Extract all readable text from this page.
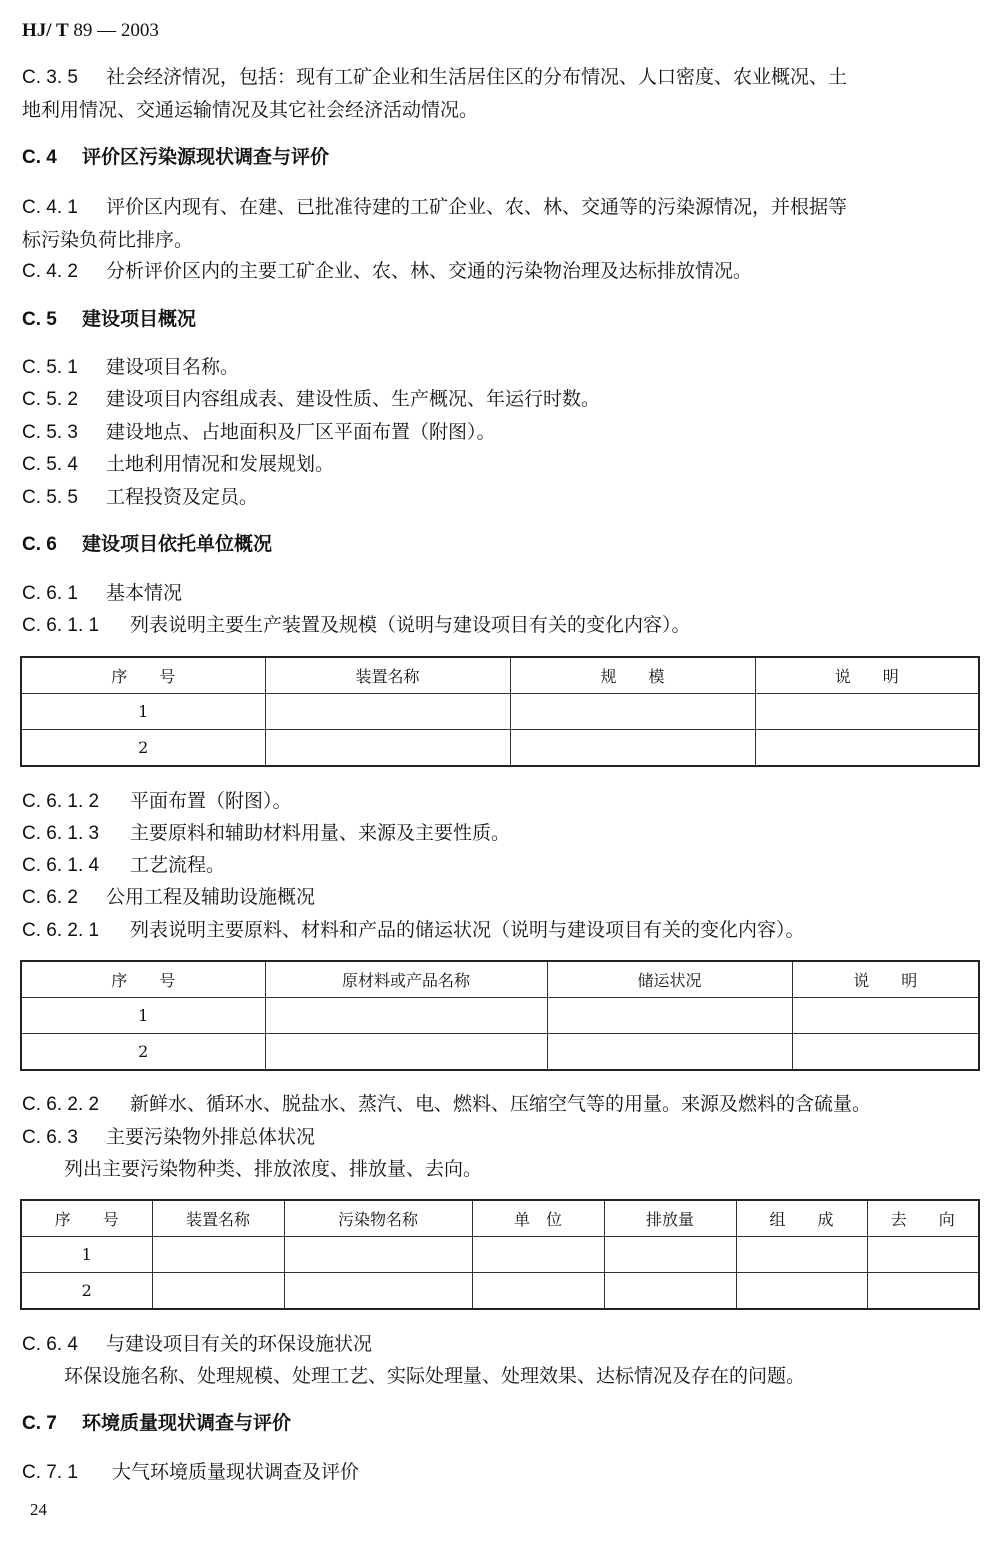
HJ/ T 89 — 2003
C. 3. 5 社会经济情况，包括：现有工矿企业和生活居住区的分布情况、人口密度、农业概况、土
地利用情况、交通运输情况及其它社会经济活动情况。
C. 4 评价区污染源现状调查与评价
C. 4. 1 评价区内现有、在建、已批准待建的工矿企业、农、林、交通等的污染源情况，并根据等
标污染负荷比排序。
C. 4. 2 分析评价区内的主要工矿企业、农、林、交通的污染物治理及达标排放情况。
C. 5 建设项目概况
C. 5. 1 建设项目名称。
C. 5. 2 建设项目内容组成表、建设性质、生产概况、年运行时数。
C. 5. 3 建设地点、占地面积及厂区平面布置（附图）。
C. 5. 4 土地利用情况和发展规划。
C. 5. 5 工程投资及定员。
C. 6 建设项目依托单位概况
C. 6. 1 基本情况
C. 6. 1. 1 列表说明主要生产装置及规模（说明与建设项目有关的变化内容）。
序　　号	装置名称	规　　模	说　　明
1			
2			
C. 6. 1. 2 平面布置（附图）。
C. 6. 1. 3 主要原料和辅助材料用量、来源及主要性质。
C. 6. 1. 4 工艺流程。
C. 6. 2 公用工程及辅助设施概况
C. 6. 2. 1 列表说明主要原料、材料和产品的储运状况（说明与建设项目有关的变化内容）。
序　　号	原材料或产品名称	储运状况	说　　明
1			
2			
C. 6. 2. 2 新鲜水、循环水、脱盐水、蒸汽、电、燃料、压缩空气等的用量。来源及燃料的含硫量。
C. 6. 3 主要污染物外排总体状况
列出主要污染物种类、排放浓度、排放量、去向。
序　　号	装置名称	污染物名称	单　位	排放量	组　　成	去　　向
1						
2						
C. 6. 4 与建设项目有关的环保设施状况
环保设施名称、处理规模、处理工艺、实际处理量、处理效果、达标情况及存在的问题。
C. 7 环境质量现状调查与评价
C. 7. 1 大气环境质量现状调查及评价
24
